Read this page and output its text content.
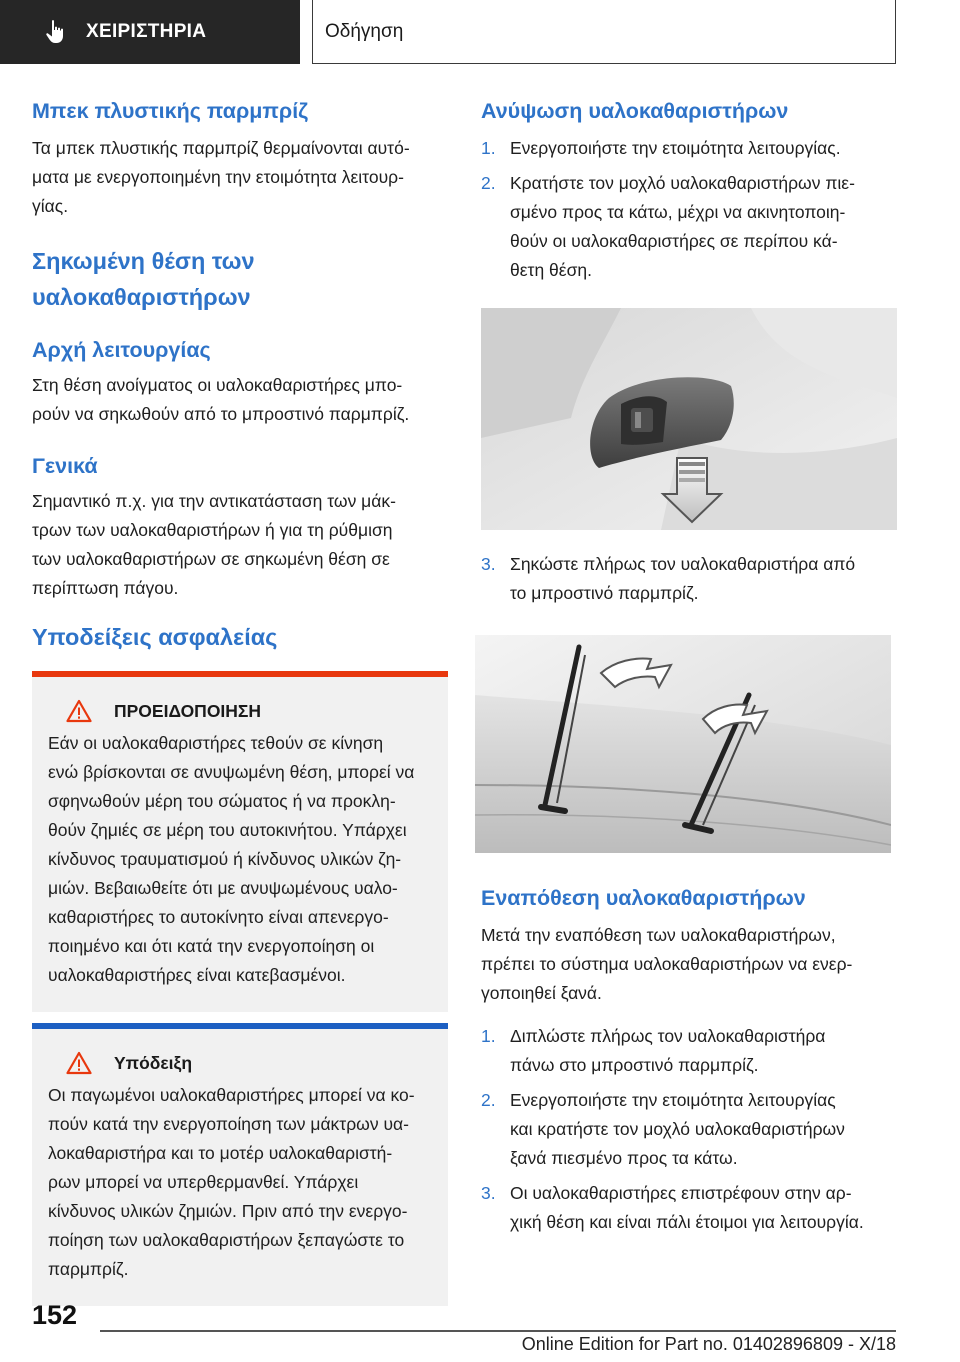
ΧΕΙΡΙΣΤΗΡΙΑ	Οδήγηση
Μπεκ πλυστικής παρμπρίζ
Τα μπεκ πλυστικής παρμπρίζ θερμαίνονται αυτό-
ματα με ενεργοποιημένη την ετοιμότητα λειτουρ-
γίας.
Σηκωμένη θέση των
υαλοκαθαριστήρων
Αρχή λειτουργίας
Στη θέση ανοίγματος οι υαλοκαθαριστήρες μπο-
ρούν να σηκωθούν από το μπροστινό παρμπρίζ.
Γενικά
Σημαντικό π.χ. για την αντικατάσταση των μάκ-
τρων των υαλοκαθαριστήρων ή για τη ρύθμιση
των υαλοκαθαριστήρων σε σηκωμένη θέση σε
περίπτωση πάγου.
Υποδείξεις ασφαλείας
ΠΡΟΕΙΔΟΠΟΙΗΣΗ
Εάν οι υαλοκαθαριστήρες τεθούν σε κίνηση
ενώ βρίσκονται σε ανυψωμένη θέση, μπορεί να
σφηνωθούν μέρη του σώματος ή να προκλη-
θούν ζημιές σε μέρη του αυτοκινήτου. Υπάρχει
κίνδυνος τραυματισμού ή κίνδυνος υλικών ζη-
μιών. Βεβαιωθείτε ότι με ανυψωμένους υαλο-
καθαριστήρες το αυτοκίνητο είναι απενεργο-
ποιημένο και ότι κατά την ενεργοποίηση οι
υαλοκαθαριστήρες είναι κατεβασμένοι.
Υπόδειξη
Οι παγωμένοι υαλοκαθαριστήρες μπορεί να κο-
πούν κατά την ενεργοποίηση των μάκτρων υα-
λοκαθαριστήρα και το μοτέρ υαλοκαθαριστή-
ρων μπορεί να υπερθερμανθεί. Υπάρχει
κίνδυνος υλικών ζημιών. Πριν από την ενεργο-
ποίηση των υαλοκαθαριστήρων ξεπαγώστε το
παρμπρίζ.
Ανύψωση υαλοκαθαριστήρων
1. Ενεργοποιήστε την ετοιμότητα λειτουργίας.
2. Κρατήστε τον μοχλό υαλοκαθαριστήρων πιε-
σμένο προς τα κάτω, μέχρι να ακινητοποιη-
θούν οι υαλοκαθαριστήρες σε περίπου κά-
θετη θέση.
3. Σηκώστε πλήρως τον υαλοκαθαριστήρα από
το μπροστινό παρμπρίζ.
Εναπόθεση υαλοκαθαριστήρων
Μετά την εναπόθεση των υαλοκαθαριστήρων,
πρέπει το σύστημα υαλοκαθαριστήρων να ενερ-
γοποιηθεί ξανά.
1. Διπλώστε πλήρως τον υαλοκαθαριστήρα
πάνω στο μπροστινό παρμπρίζ.
2. Ενεργοποιήστε την ετοιμότητα λειτουργίας
και κρατήστε τον μοχλό υαλοκαθαριστήρων
ξανά πιεσμένο προς τα κάτω.
3. Οι υαλοκαθαριστήρες επιστρέφουν στην αρ-
χική θέση και είναι πάλι έτοιμοι για λειτουργία.
152
Online Edition for Part no. 01402896809 - X/18
